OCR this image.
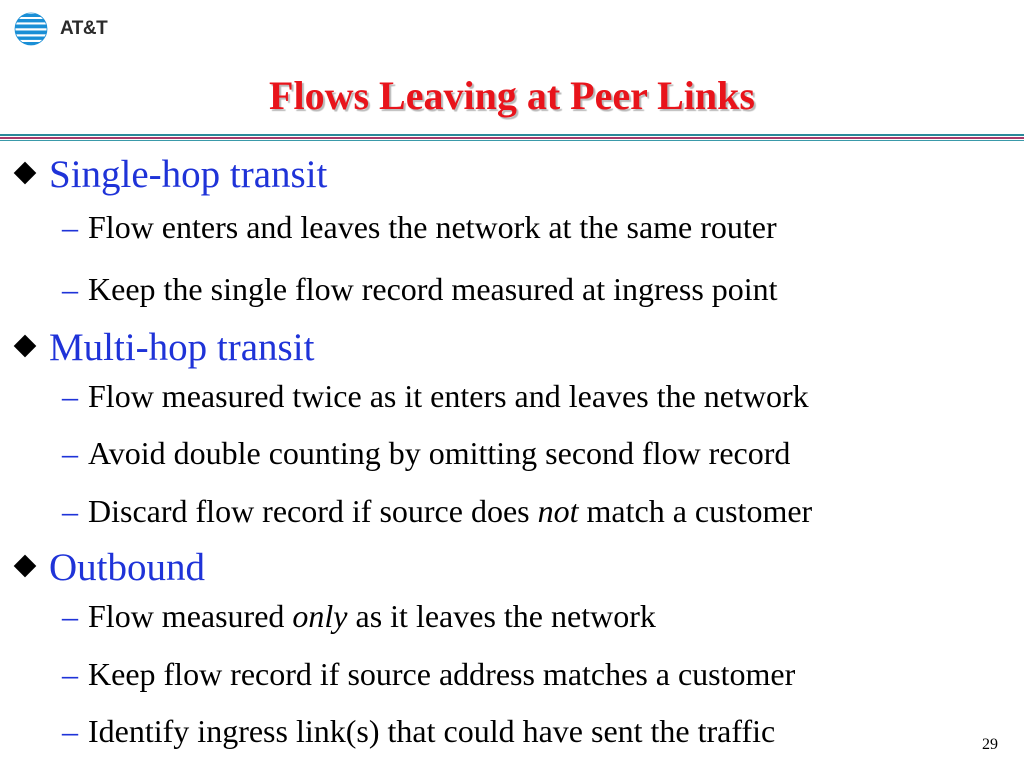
AT&T
Flows Leaving at Peer Links
Single-hop transit
– Flow enters and leaves the network at the same router
– Keep the single flow record measured at ingress point
Multi-hop transit
– Flow measured twice as it enters and leaves the network
– Avoid double counting by omitting second flow record
– Discard flow record if source does not match a customer
Outbound
– Flow measured only as it leaves the network
– Keep flow record if source address matches a customer
– Identify ingress link(s) that could have sent the traffic	29
